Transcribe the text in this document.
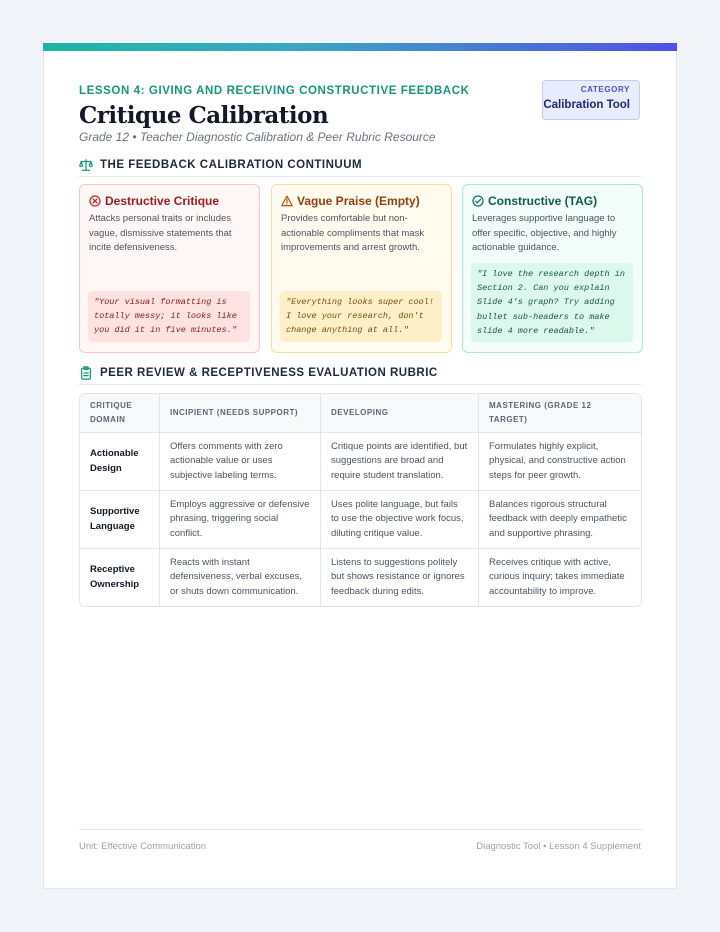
LESSON 4: GIVING AND RECEIVING CONSTRUCTIVE FEEDBACK
Critique Calibration
Grade 12 • Teacher Diagnostic Calibration & Peer Rubric Resource
CATEGORY
Calibration Tool
THE FEEDBACK CALIBRATION CONTINUUM
Destructive Critique
Attacks personal traits or includes vague, dismissive statements that incite defensiveness.
"Your visual formatting is totally messy; it looks like you did it in five minutes."
Vague Praise (Empty)
Provides comfortable but non-actionable compliments that mask improvements and arrest growth.
"Everything looks super cool! I love your research, don't change anything at all."
Constructive (TAG)
Leverages supportive language to offer specific, objective, and highly actionable guidance.
"I love the research depth in Section 2. Can you explain Slide 4's graph? Try adding bullet sub-headers to make slide 4 more readable."
PEER REVIEW & RECEPTIVENESS EVALUATION RUBRIC
CRITIQUE DOMAIN	INCIPIENT (NEEDS SUPPORT)	DEVELOPING	MASTERING (GRADE 12 TARGET)
Actionable Design	Offers comments with zero actionable value or uses subjective labeling terms.	Critique points are identified, but suggestions are broad and require student translation.	Formulates highly explicit, physical, and constructive action steps for peer growth.
Supportive Language	Employs aggressive or defensive phrasing, triggering social conflict.	Uses polite language, but fails to use the objective work focus, diluting critique value.	Balances rigorous structural feedback with deeply empathetic and supportive phrasing.
Receptive Ownership	Reacts with instant defensiveness, verbal excuses, or shuts down communication.	Listens to suggestions politely but shows resistance or ignores feedback during edits.	Receives critique with active, curious inquiry; takes immediate accountability to improve.
Unit: Effective Communication	Diagnostic Tool • Lesson 4 Supplement
